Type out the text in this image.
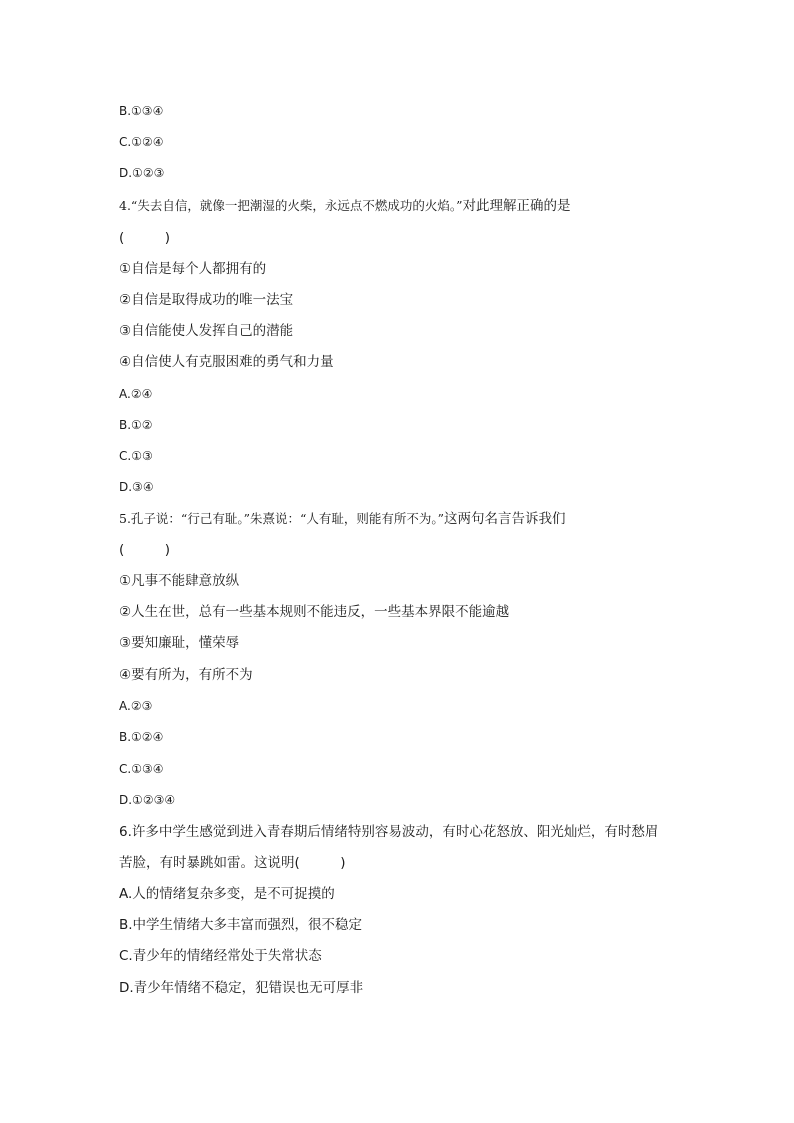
B.①③④
C.①②④
D.①②③
4.“失去自信，就像一把潮湿的火柴，永远点不燃成功的火焰。”对此理解正确的是
(　　　)
①自信是每个人都拥有的
②自信是取得成功的唯一法宝
③自信能使人发挥自己的潜能
④自信使人有克服困难的勇气和力量
A.②④
B.①②
C.①③
D.③④
5.孔子说：“行己有耻。”朱熹说：“人有耻，则能有所不为。”这两句名言告诉我们
(　　　)
①凡事不能肆意放纵
②人生在世，总有一些基本规则不能违反，一些基本界限不能逾越
③要知廉耻，懂荣辱
④要有所为，有所不为
A.②③
B.①②④
C.①③④
D.①②③④
6.许多中学生感觉到进入青春期后情绪特别容易波动，有时心花怒放、阳光灿烂，有时愁眉
苦脸，有时暴跳如雷。这说明(　　　)
A.人的情绪复杂多变，是不可捉摸的
B.中学生情绪大多丰富而强烈，很不稳定
C.青少年的情绪经常处于失常状态
D.青少年情绪不稳定，犯错误也无可厚非
